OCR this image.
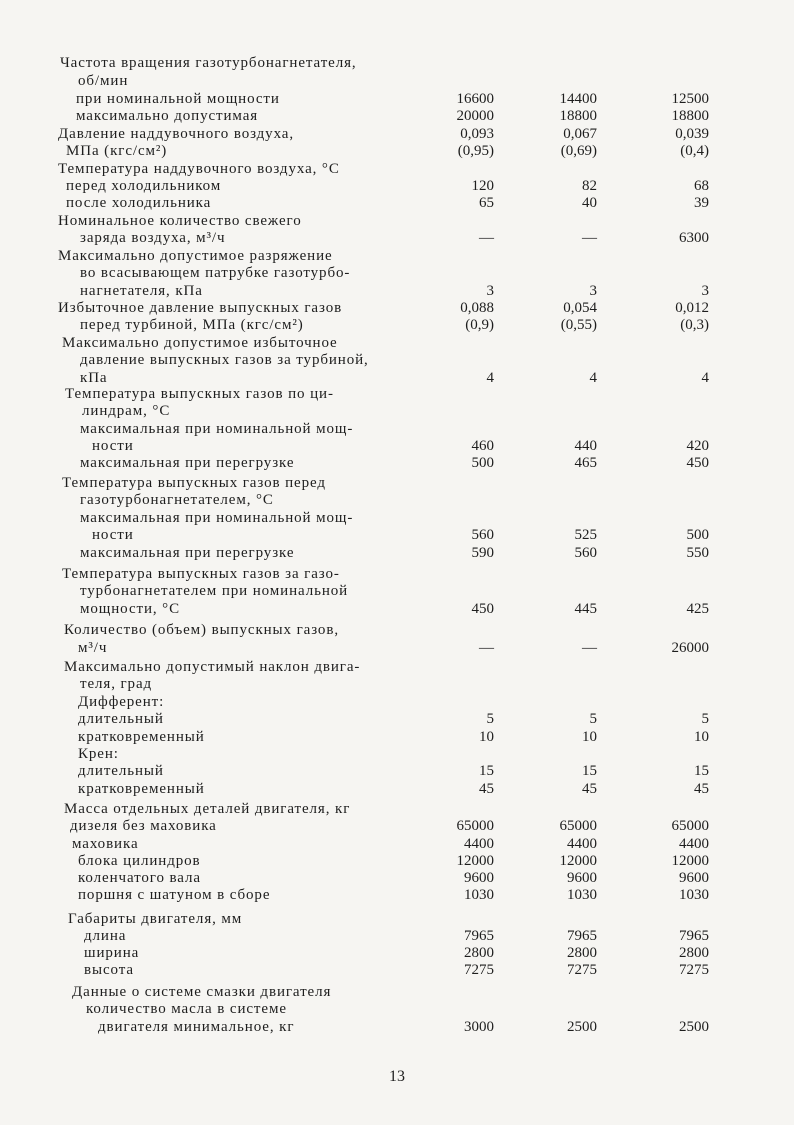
13
Частота вращения газотурбонагнетателя,
об/мин
при номинальной мощности	16600	14400	12500
максимально допустимая	20000	18800	18800
Давление наддувочного воздуха,	0,093	0,067	0,039
МПа (кгс/см²)	(0,95)	(0,69)	(0,4)
Температура наддувочного воздуха, °С
перед холодильником	120	82	68
после холодильника	65	40	39
Номинальное количество свежего
заряда воздуха, м³/ч	—	—	6300
Максимально допустимое разряжение
во всасывающем патрубке газотурбо-
нагнетателя, кПа	3	3	3
Избыточное давление выпускных газов	0,088	0,054	0,012
перед турбиной, МПа (кгс/см²)	(0,9)	(0,55)	(0,3)
Максимально допустимое избыточное
давление выпускных газов за турбиной,
кПа	4	4	4
Температура выпускных газов по ци-
линдрам, °С
максимальная при номинальной мощ-
ности	460	440	420
максимальная при перегрузке	500	465	450
Температура выпускных газов перед
газотурбонагнетателем, °С
максимальная при номинальной мощ-
ности	560	525	500
максимальная при перегрузке	590	560	550
Температура выпускных газов за газо-
турбонагнетателем при номинальной
мощности, °С	450	445	425
Количество (объем) выпускных газов,
м³/ч	—	—	26000
Максимально допустимый наклон двига-
теля, град
Дифферент:
длительный	5	5	5
кратковременный	10	10	10
Крен:
длительный	15	15	15
кратковременный	45	45	45
Масса отдельных деталей двигателя, кг
дизеля без маховика	65000	65000	65000
маховика	4400	4400	4400
блока цилиндров	12000	12000	12000
коленчатого вала	9600	9600	9600
поршня с шатуном в сборе	1030	1030	1030
Габариты двигателя, мм
длина	7965	7965	7965
ширина	2800	2800	2800
высота	7275	7275	7275
Данные о системе смазки двигателя
количество масла в системе
двигателя минимальное, кг	3000	2500	2500
